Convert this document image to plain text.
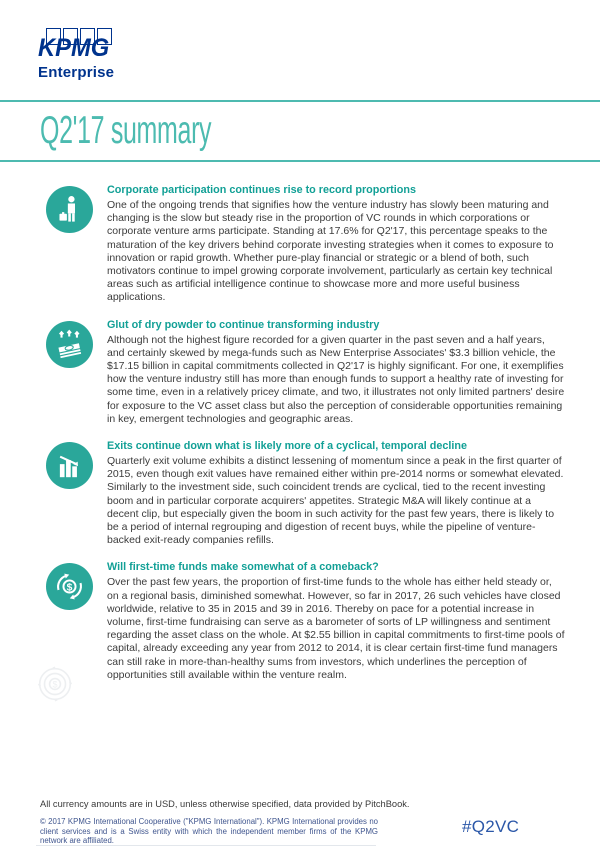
KPMG
Enterprise
Q2'17 summary
Corporate participation continues rise to record proportions

One of the ongoing trends that signifies how the venture industry has slowly been maturing and changing is the slow but steady rise in the proportion of VC rounds in which corporations or corporate venture arms participate. Standing at 17.6% for Q2'17, this percentage speaks to the maturation of the key drivers behind corporate investing strategies when it comes to exposure to innovation or rapid growth. Whether pure-play financial or strategic or a blend of both, such motivators continue to impel growing corporate involvement, particularly as certain key technical areas such as artificial intelligence continue to showcase more and more useful business applications.

Glut of dry powder to continue transforming industry

Although not the highest figure recorded for a given quarter in the past seven and a half years, and certainly skewed by mega-funds such as New Enterprise Associates' $3.3 billion vehicle, the $17.15 billion in capital commitments collected in Q2'17 is highly significant. For one, it exemplifies how the venture industry still has more than enough funds to support a healthy rate of investing for some time, even in a relatively pricey climate, and two, it illustrates not only limited partners' desire for exposure to the VC asset class but also the perception of considerable opportunities remaining in key, emergent technologies and geographic areas.

Exits continue down what is likely more of a cyclical, temporal decline

Quarterly exit volume exhibits a distinct lessening of momentum since a peak in the first quarter of 2015, even though exit values have remained either within pre-2014 norms or somewhat elevated. Similarly to the investment side, such coincident trends are cyclical, tied to the recent investing boom and in particular corporate acquirers' appetites. Strategic M&A will likely continue at a decent clip, but especially given the boom in such activity for the past few years, there is likely to be a period of internal regrouping and digestion of recent buys, while the pipeline of venture-backed exit-ready companies refills.

$
Will first-time funds make somewhat of a comeback?

Over the past few years, the proportion of first-time funds to the whole has either held steady or, on a regional basis, diminished somewhat. However, so far in 2017, 26 such vehicles have closed worldwide, relative to 35 in 2015 and 39 in 2016. Thereby on pace for a potential increase in volume, first-time fundraising can serve as a barometer of sorts of LP willingness and sentiment regarding the asset class on the whole. At $2.55 billion in capital commitments to first-time pools of capital, already exceeding any year from 2012 to 2014, it is clear certain first-time fund managers can still rake in more-than-healthy sums from investors, which underlines the perception of opportunities still available within the venture realm.

$

All currency amounts are in USD, unless otherwise specified, data provided by PitchBook.

© 2017 KPMG International Cooperative ("KPMG International"). KPMG International provides no client services and is a Swiss entity with which the independent member firms of the KPMG network are affiliated.

#Q2VC
